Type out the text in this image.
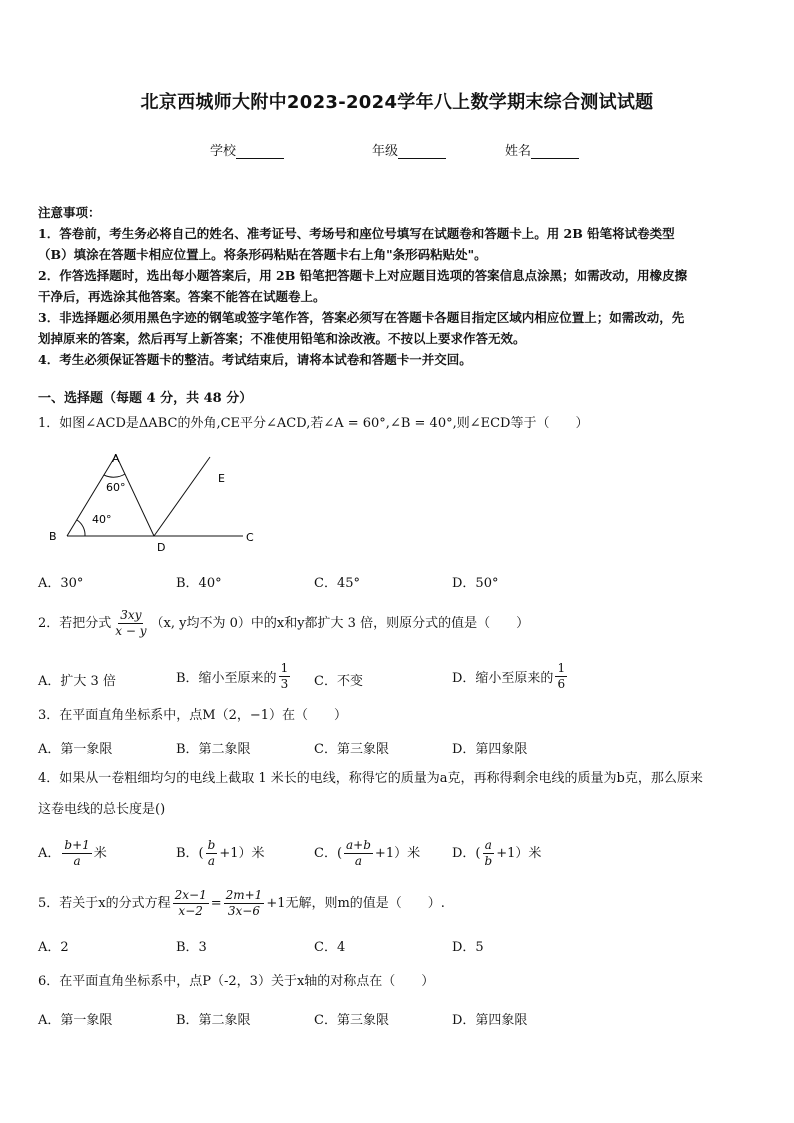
北京西城师大附中2023-2024学年八上数学期末综合测试试题
学校	年级	姓名
注意事项：

1．答卷前，考生务必将自己的姓名、准考证号、考场号和座位号填写在试题卷和答题卡上。用 2B 铅笔将试卷类型

（B）填涂在答题卡相应位置上。将条形码粘贴在答题卡右上角"条形码粘贴处"。

2．作答选择题时，选出每小题答案后，用 2B 铅笔把答题卡上对应题目选项的答案信息点涂黑；如需改动，用橡皮擦

干净后，再选涂其他答案。答案不能答在试题卷上。

3．非选择题必须用黑色字迹的钢笔或签字笔作答，答案必须写在答题卡各题目指定区域内相应位置上；如需改动，先

划掉原来的答案，然后再写上新答案；不准使用铅笔和涂改液。不按以上要求作答无效。

4．考生必须保证答题卡的整洁。考试结束后，请将本试卷和答题卡一并交回。

一、选择题（每题 4 分，共 48 分）
1．如图∠ACD是ΔABC的外角,CE平分∠ACD,若∠A = 60°,∠B = 40°,则∠ECD等于（　　）
A
B	C
D
E
60°
40°
A．30°	B．40°	C．45°	D．50°
2．若把分式 $\frac{3xy}{x - y} (x$, y均不为 0）中的x和y都扩大 3 倍，则原分式的值是（　　）
A．扩大 3 倍	B．缩小至原来的 $\frac{1}{3}$ C．不变	D．缩小至原来的 $\frac{1}{6}$
3．在平面直角坐标系中，点M（2，−1）在（　　）
A．第一象限	B．第二象限	C．第三象限	D．第四象限
4．如果从一卷粗细均匀的电线上截取 1 米长的电线，称得它的质量为a克，再称得剩余电线的质量为b克，那么原来
这卷电线的总长度是()
A． $\frac{b+1}{a}$ 米	B．( $\frac{b}{a} +1$）米	C．( $\frac{a+b}{a} +1$）米 D．( $\frac{a}{b} +1$）米
5．若关于x的分式方程 $\frac{2x-1}{x-2} = \frac{2m+1}{3x-6} +1$无解，则m的值是（　　）.
A．2	B．3	C．4	D．5
6．在平面直角坐标系中，点P（-2，3）关于x轴的对称点在（　　）
A．第一象限	B．第二象限	C．第三象限	D．第四象限
